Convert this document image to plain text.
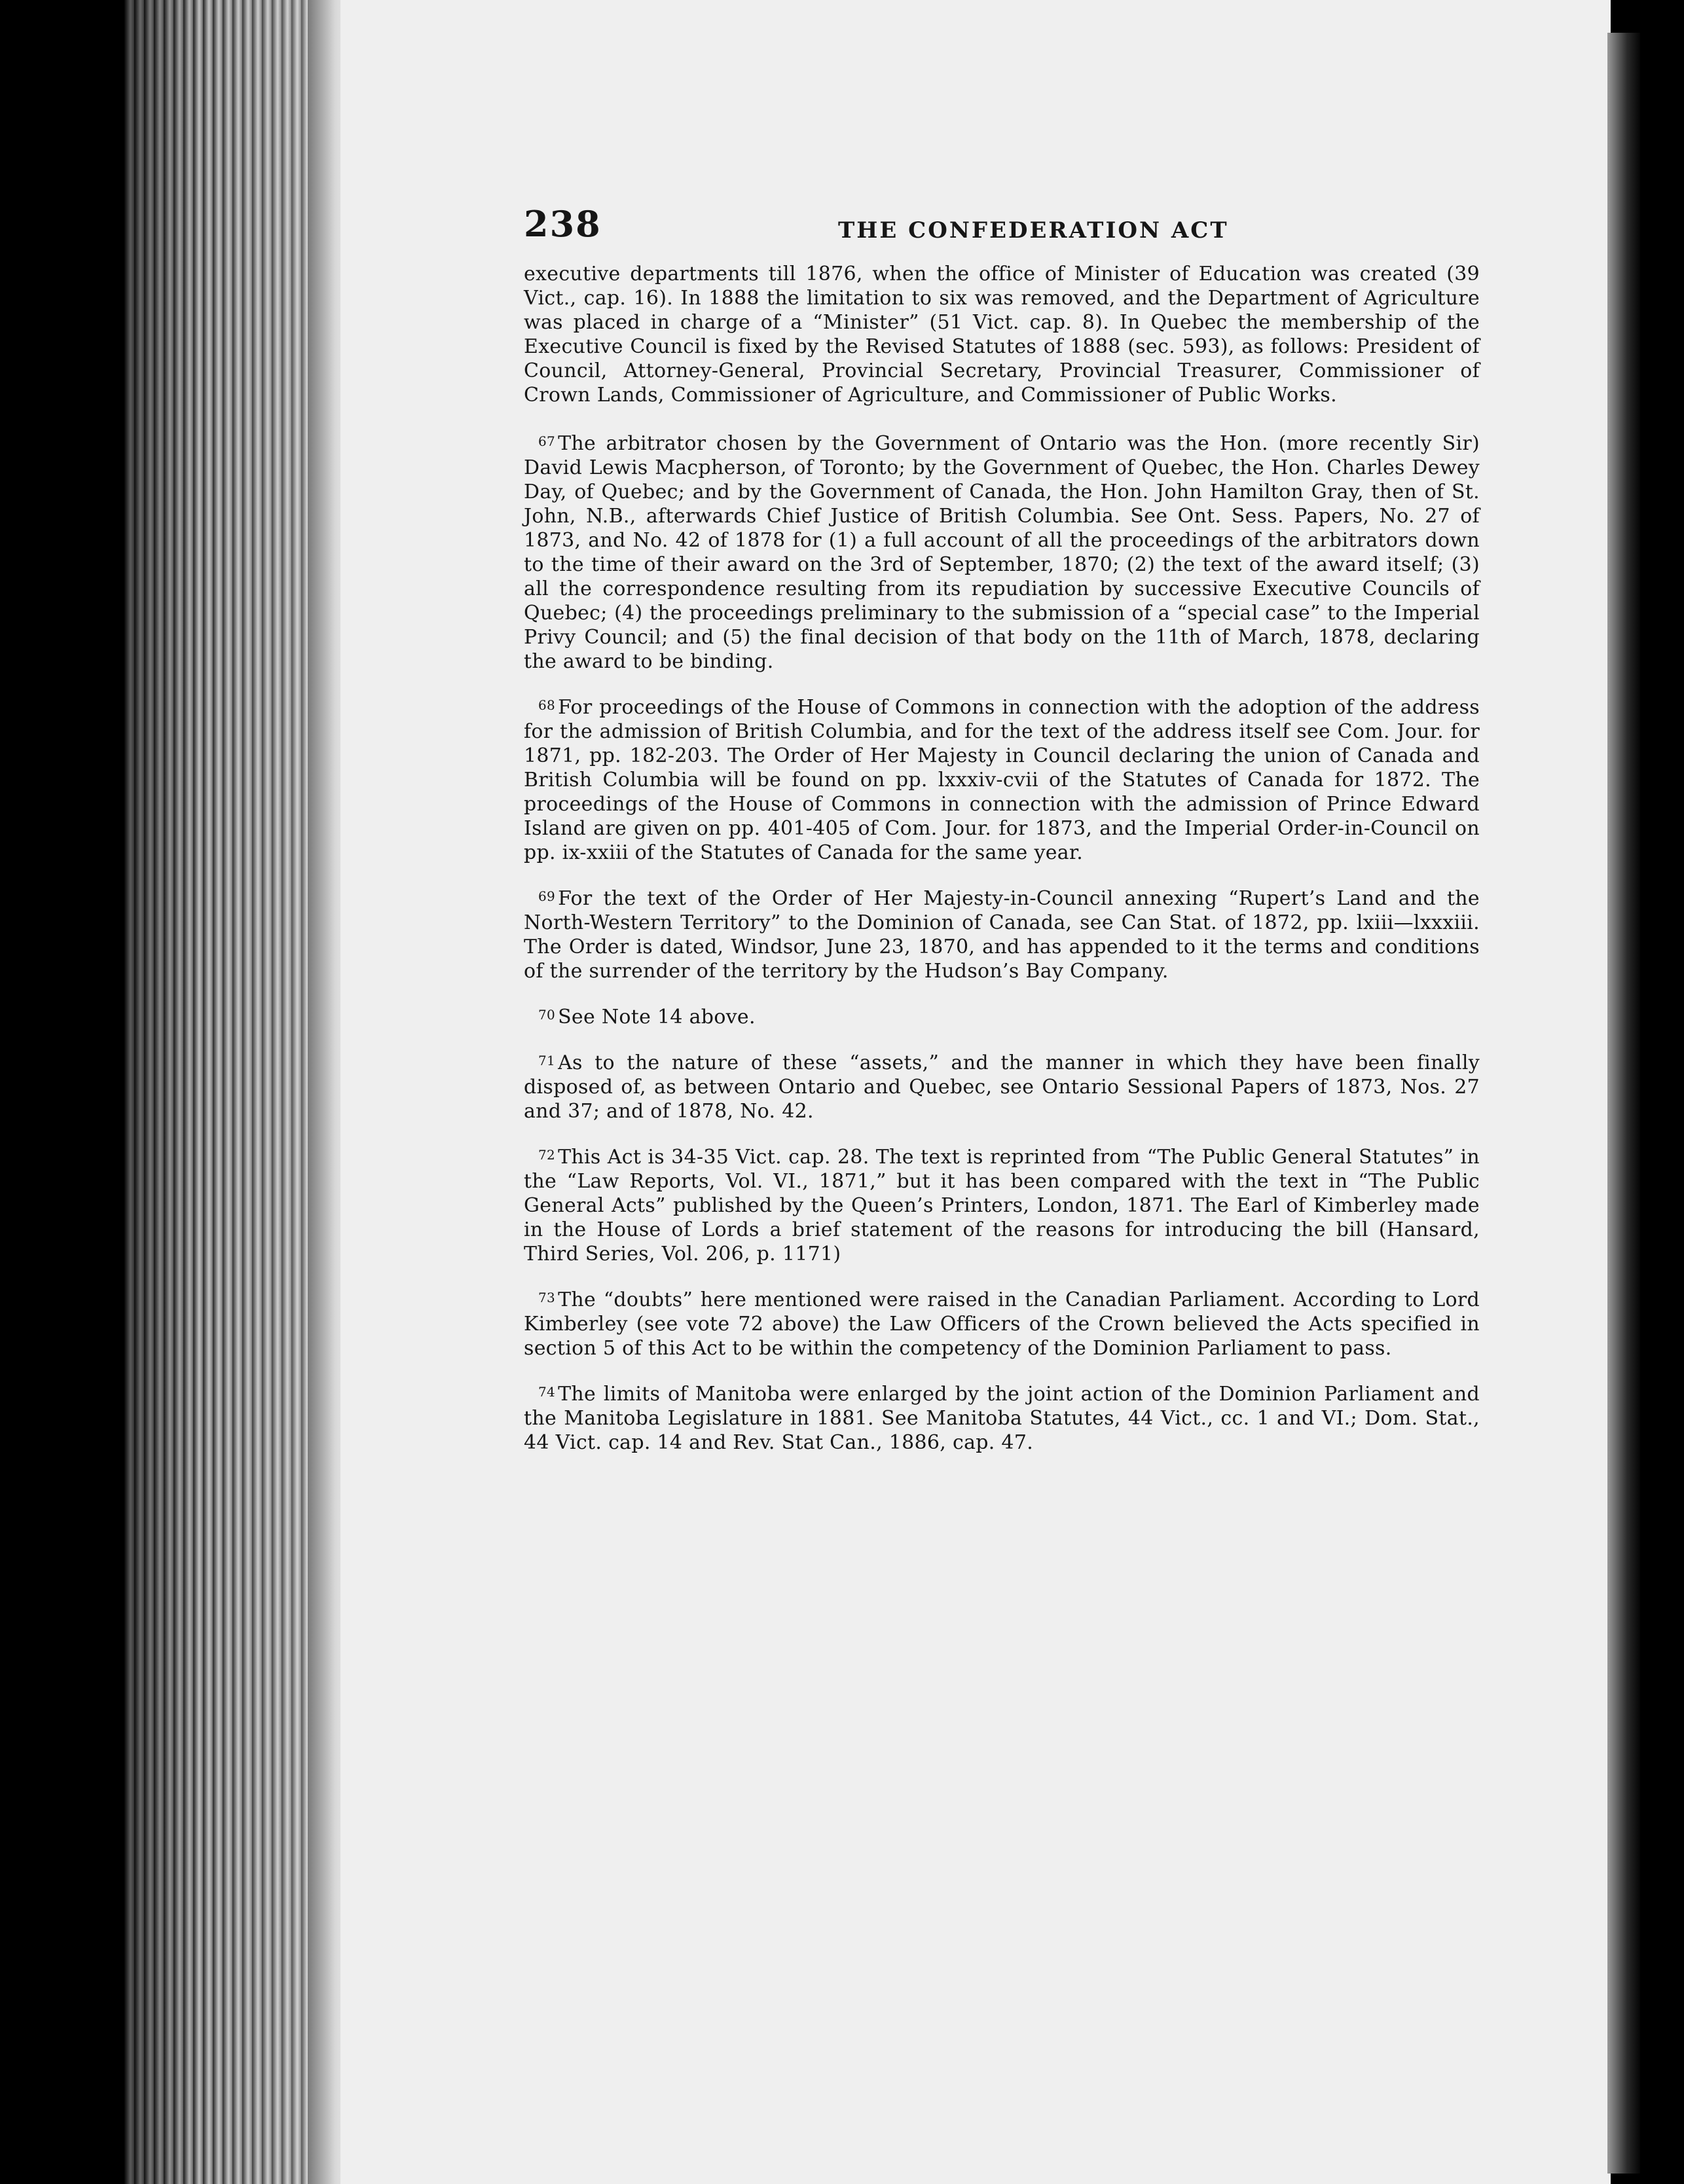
238	THE CONFEDERATION ACT

executive departments till 1876, when the office of Minister of Education was created (39 Vict., cap. 16). In 1888 the limitation to six was removed, and the Department of Agriculture was placed in charge of a “Minister” (51 Vict. cap. 8). In Quebec the membership of the Executive Council is fixed by the Revised Statutes of 1888 (sec. 593), as follows: President of Council, Attorney-General, Provincial Secretary, Provincial Treasurer, Commissioner of Crown Lands, Commissioner of Agriculture, and Commissioner of Public Works.

$^{67}$ The arbitrator chosen by the Government of Ontario was the Hon. (more recently Sir) David Lewis Macpherson, of Toronto; by the Government of Quebec, the Hon. Charles Dewey Day, of Quebec; and by the Government of Canada, the Hon. John Hamilton Gray, then of St. John, N.B., afterwards Chief Justice of British Columbia. See Ont. Sess. Papers, No. 27 of 1873, and No. 42 of 1878 for (1) a full account of all the proceedings of the arbitrators down to the time of their award on the 3rd of September, 1870; (2) the text of the award itself; (3) all the correspondence resulting from its repudiation by successive Executive Councils of Quebec; (4) the proceedings preliminary to the submission of a “special case” to the Imperial Privy Council; and (5) the final decision of that body on the 11th of March, 1878, declaring the award to be binding.

$^{68}$ For proceedings of the House of Commons in connection with the adoption of the address for the admission of British Columbia, and for the text of the address itself see Com. Jour. for 1871, pp. 182-203. The Order of Her Majesty in Council declaring the union of Canada and British Columbia will be found on pp. lxxxiv-cvii of the Statutes of Canada for 1872. The proceedings of the House of Commons in connection with the admission of Prince Edward Island are given on pp. 401-405 of Com. Jour. for 1873, and the Imperial Order-in-Council on pp. ix-xxiii of the Statutes of Canada for the same year.

$^{69}$ For the text of the Order of Her Majesty-in-Council annexing “Rupert’s Land and the North-Western Territory” to the Dominion of Canada, see Can Stat. of 1872, pp. lxiii—lxxxiii. The Order is dated, Windsor, June 23, 1870, and has appended to it the terms and conditions of the surrender of the territory by the Hudson’s Bay Company.

$^{70}$ See Note 14 above.

$^{71}$ As to the nature of these “assets,” and the manner in which they have been finally disposed of, as between Ontario and Quebec, see Ontario Sessional Papers of 1873, Nos. 27 and 37; and of 1878, No. 42.

$^{72}$ This Act is 34-35 Vict. cap. 28. The text is reprinted from “The Public General Statutes” in the “Law Reports, Vol. VI., 1871,” but it has been compared with the text in “The Public General Acts” published by the Queen’s Printers, London, 1871. The Earl of Kimberley made in the House of Lords a brief statement of the reasons for introducing the bill (Hansard, Third Series, Vol. 206, p. 1171)

$^{73}$ The “doubts” here mentioned were raised in the Canadian Parliament. According to Lord Kimberley (see vote 72 above) the Law Officers of the Crown believed the Acts specified in section 5 of this Act to be within the competency of the Dominion Parliament to pass.

$^{74}$ The limits of Manitoba were enlarged by the joint action of the Dominion Parliament and the Manitoba Legislature in 1881. See Manitoba Statutes, 44 Vict., cc. 1 and VI.; Dom. Stat., 44 Vict. cap. 14 and Rev. Stat Can., 1886, cap. 47.
